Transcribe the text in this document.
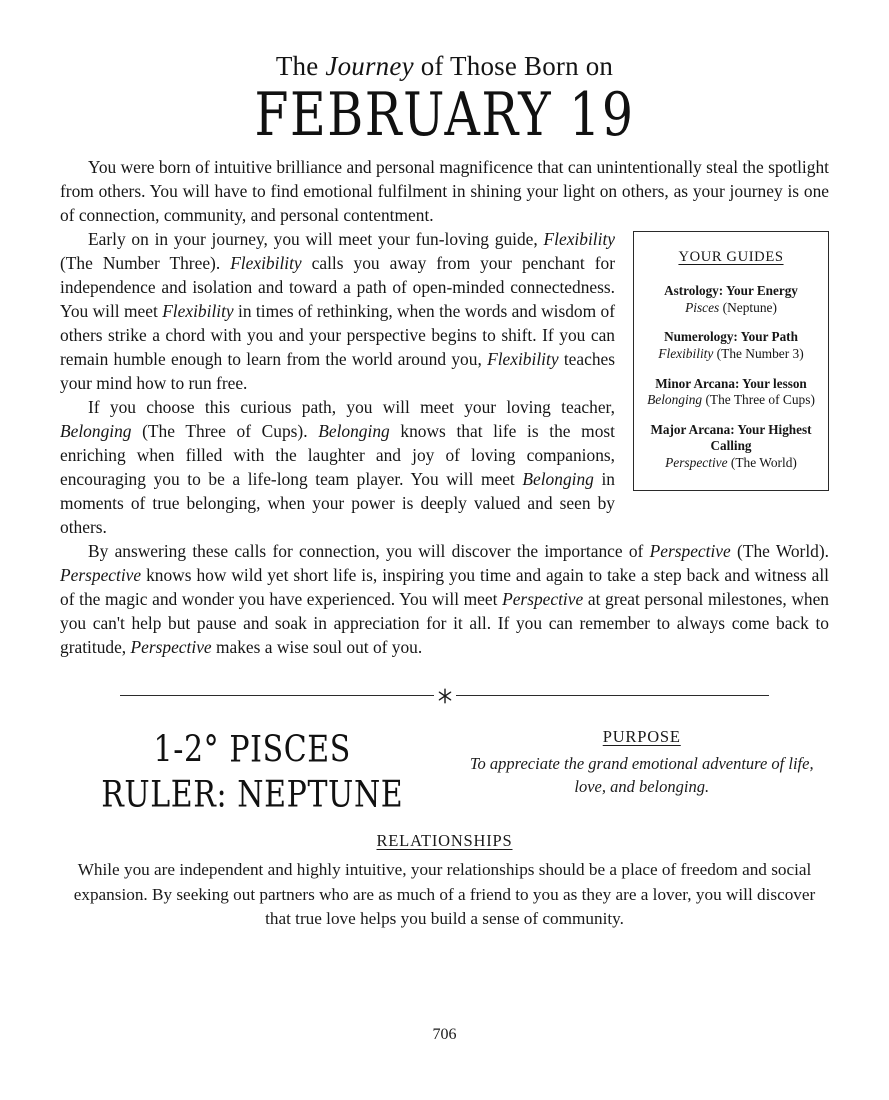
The Journey of Those Born on
FEBRUARY 19

You were born of intuitive brilliance and personal magnificence that can unintentionally steal the spotlight from others. You will have to find emotional fulfilment in shining your light on others, as your journey is one of connection, community, and personal contentment.

YOUR GUIDES
Astrology: Your Energy
Pisces (Neptune)
Numerology: Your Path
Flexibility (The Number 3)
Minor Arcana: Your lesson
Belonging (The Three of Cups)
Major Arcana: Your Highest Calling
Perspective (The World)

Early on in your journey, you will meet your fun-loving guide, Flexibility (The Number Three). Flexibility calls you away from your penchant for independence and isolation and toward a path of open-minded connectedness. You will meet Flexibility in times of rethinking, when the words and wisdom of others strike a chord with you and your perspective begins to shift. If you can remain humble enough to learn from the world around you, Flexibility teaches your mind how to run free.

If you choose this curious path, you will meet your loving teacher, Belonging (The Three of Cups). Belonging knows that life is the most enriching when filled with the laughter and joy of loving companions, encouraging you to be a life-long team player. You will meet Belonging in moments of true belonging, when your power is deeply valued and seen by others.

By answering these calls for connection, you will discover the importance of Perspective (The World). Perspective knows how wild yet short life is, inspiring you time and again to take a step back and witness all of the magic and wonder you have experienced. You will meet Perspective at great personal milestones, when you can't help but pause and soak in appreciation for it all. If you can remember to always come back to gratitude, Perspective makes a wise soul out of you.

1-2° PISCES
RULER: NEPTUNE
PURPOSE
To appreciate the grand emotional adventure of life, love, and belonging.
RELATIONSHIPS
While you are independent and highly intuitive, your relationships should be a place of freedom and social expansion. By seeking out partners who are as much of a friend to you as they are a lover, you will discover that true love helps you build a sense of community.
706
